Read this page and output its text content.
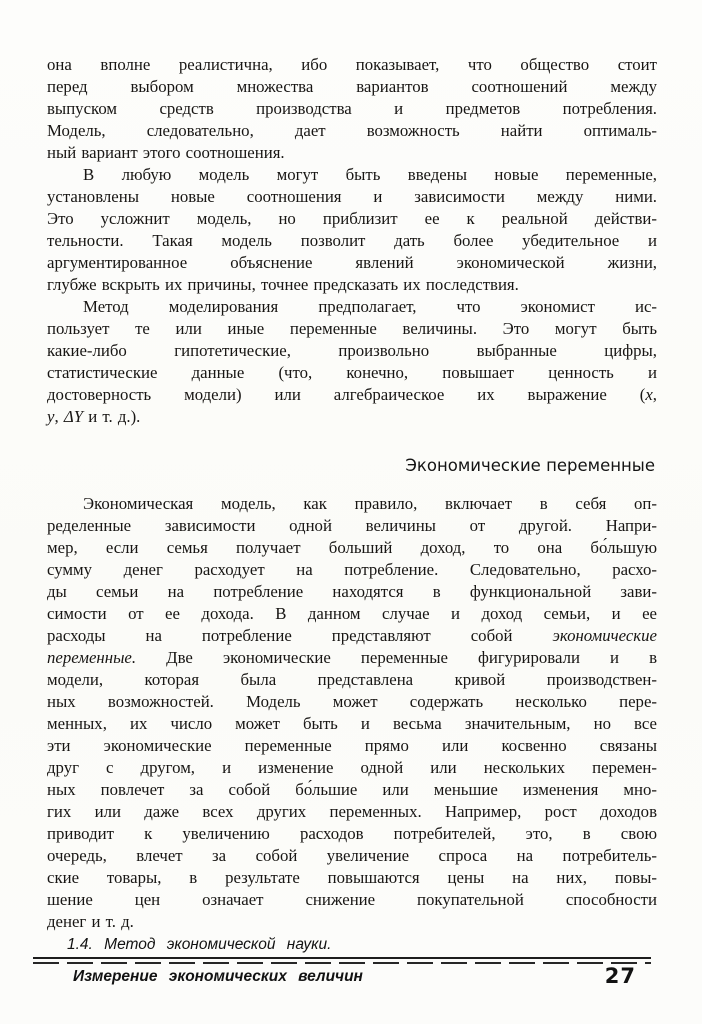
она вполне реалистична, ибо показывает, что общество стоит
перед выбором множества вариантов соотношений между
выпуском средств производства и предметов потребления.
Модель, следовательно, дает возможность найти оптималь-
ный вариант этого соотношения.
В любую модель могут быть введены новые переменные,
установлены новые соотношения и зависимости между ними.
Это усложнит модель, но приблизит ее к реальной действи-
тельности. Такая модель позволит дать более убедительное и
аргументированное объяснение явлений экономической жизни,
глубже вскрыть их причины, точнее предсказать их последствия.
Метод моделирования предполагает, что экономист ис-
пользует те или иные переменные величины. Это могут быть
какие-либо гипотетические, произвольно выбранные цифры,
статистические данные (что, конечно, повышает ценность и
достоверность модели) или алгебраическое их выражение (x,
y, ΔY и т. д.).
Экономические переменные
Экономическая модель, как правило, включает в себя оп-
ределенные зависимости одной величины от другой. Напри-
мер, если семья получает больший доход, то она бо́льшую
сумму денег расходует на потребление. Следовательно, расхо-
ды семьи на потребление находятся в функциональной зави-
симости от ее дохода. В данном случае и доход семьи, и ее
расходы на потребление представляют собой экономические
переменные. Две экономические переменные фигурировали и в
модели, которая была представлена кривой производствен-
ных возможностей. Модель может содержать несколько пере-
менных, их число может быть и весьма значительным, но все
эти экономические переменные прямо или косвенно связаны
друг с другом, и изменение одной или нескольких перемен-
ных повлечет за собой бо́льшие или меньшие изменения мно-
гих или даже всех других переменных. Например, рост доходов
приводит к увеличению расходов потребителей, это, в свою
очередь, влечет за собой увеличение спроса на потребитель-
ские товары, в результате повышаются цены на них, повы-
шение цен означает снижение покупательной способности
денег и т. д.
1.4. Метод экономической науки.
Измерение экономических величин	27
